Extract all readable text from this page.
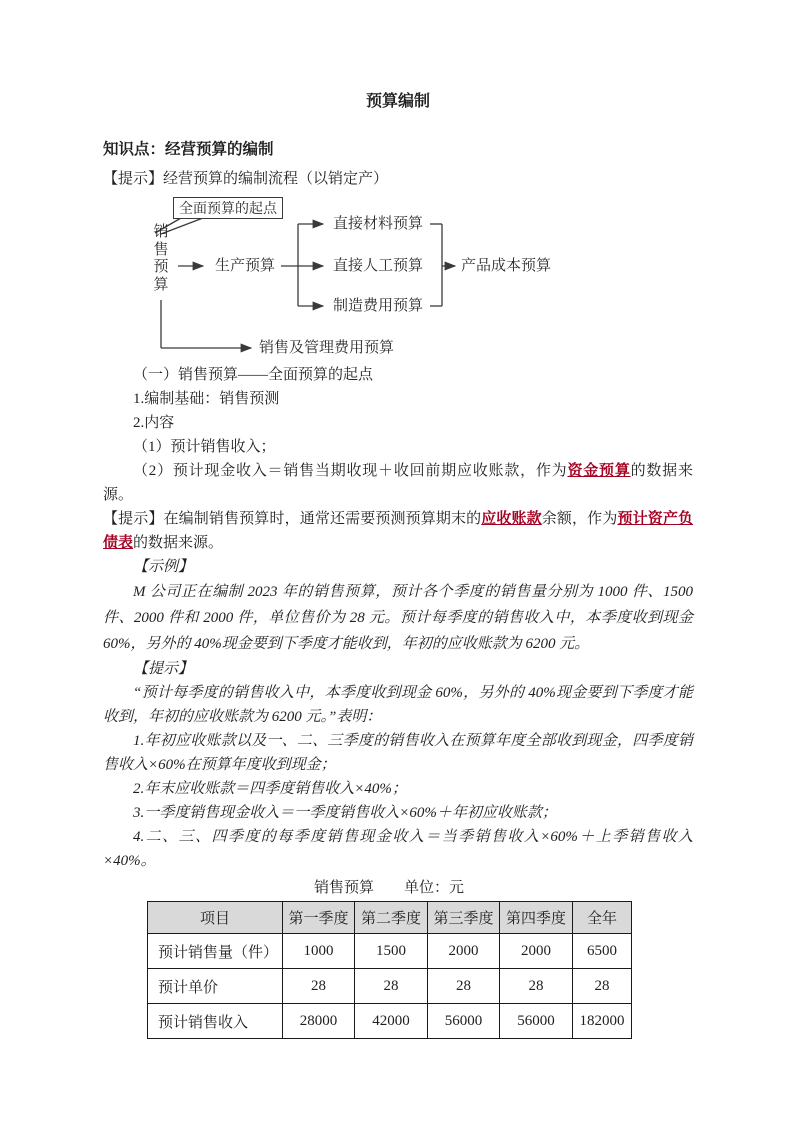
预算编制
知识点：经营预算的编制

【提示】经营预算的编制流程（以销定产）

全面预算的起点
销售预算
生产预算
直接材料预算
直接人工预算
制造费用预算
产品成本预算
销售及管理费用预算

（一）销售预算——全面预算的起点

1.编制基础：销售预测

2.内容

（1）预计销售收入；

（2）预计现金收入＝销售当期收现＋收回前期应收账款，作为资金预算的数据来源。

【提示】在编制销售预算时，通常还需要预测预算期末的应收账款余额，作为预计资产负债表的数据来源。

【示例】

M 公司正在编制 2023 年的销售预算，预计各个季度的销售量分别为 1000 件、1500 件、2000 件和 2000 件，单位售价为 28 元。预计每季度的销售收入中，本季度收到现金 60%，另外的 40%现金要到下季度才能收到，年初的应收账款为 6200 元。

【提示】

“预计每季度的销售收入中，本季度收到现金 60%，另外的 40%现金要到下季度才能收到，年初的应收账款为 6200 元。”表明：

1.年初应收账款以及一、二、三季度的销售收入在预算年度全部收到现金，四季度销售收入×60%在预算年度收到现金；

2.年末应收账款＝四季度销售收入×40%；

3.一季度销售现金收入＝一季度销售收入×60%＋年初应收账款；

4.二、三、四季度的每季度销售现金收入＝当季销售收入×60%＋上季销售收入×40%。

销售预算 单位：元
项目	第一季度	第二季度	第三季度	第四季度	全年
预计销售量（件）	1000	1500	2000	2000	6500
预计单价	28	28	28	28	28
预计销售收入	28000	42000	56000	56000	182000
